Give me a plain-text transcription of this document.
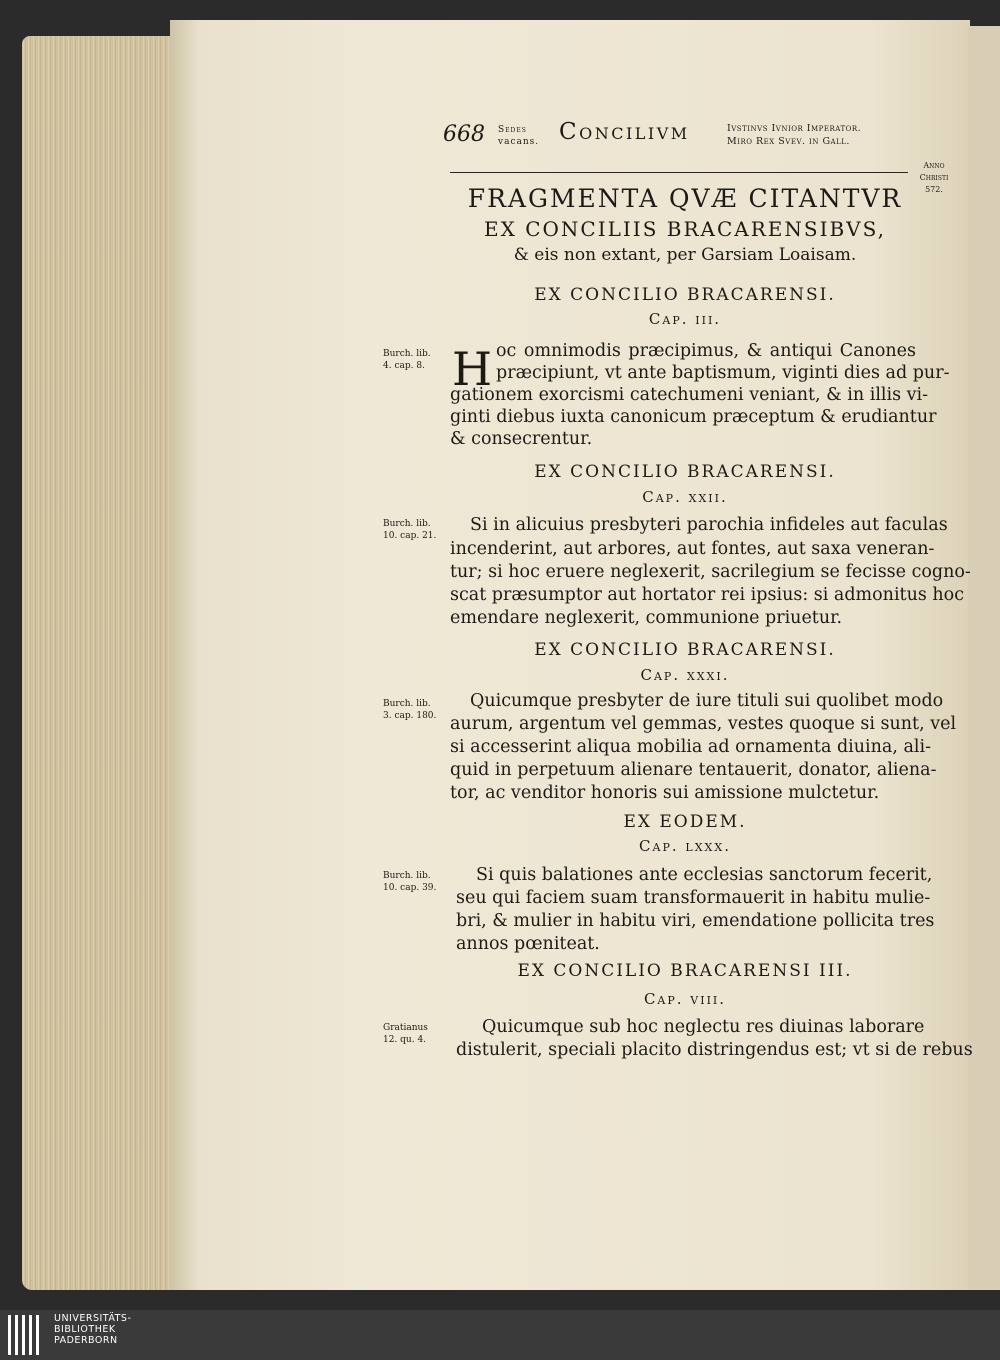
668 Sedes
vacans. Concilivm	Ivstinvs Ivnior Imperator.
Miro Rex Svev. in Gall.
Anno
Christi
572.
FRAGMENTA QVÆ CITANTVR
EX CONCILIIS BRACARENSIBVS,
& eis non extant, per Garsiam Loaisam.
EX CONCILIO BRACARENSI.
Cap. iii.
Burch. lib.
4. cap. 8. H oc omnimodis præcipimus, & antiqui Canones
præcipiunt, vt ante baptismum, viginti dies ad pur-
gationem exorcismi catechumeni veniant, & in illis vi-
ginti diebus iuxta canonicum præceptum & erudiantur
& consecrentur.
EX CONCILIO BRACARENSI.
Cap. xxii.
Burch. lib.
10. cap. 21.
Si in alicuius presbyteri parochia infideles aut faculas
incenderint, aut arbores, aut fontes, aut saxa veneran-
tur; si hoc eruere neglexerit, sacrilegium se fecisse cogno-
scat præsumptor aut hortator rei ipsius: si admonitus hoc
emendare neglexerit, communione priuetur.
EX CONCILIO BRACARENSI.
Cap. xxxi.
Burch. lib.
3. cap. 180.
Quicumque presbyter de iure tituli sui quolibet modo
aurum, argentum vel gemmas, vestes quoque si sunt, vel
si accesserint aliqua mobilia ad ornamenta diuina, ali-
quid in perpetuum alienare tentauerit, donator, aliena-
tor, ac venditor honoris sui amissione mulctetur.
EX EODEM.
Cap. lxxx.
Burch. lib.
10. cap. 39.
Si quis balationes ante ecclesias sanctorum fecerit,
seu qui faciem suam transformauerit in habitu mulie-
bri, & mulier in habitu viri, emendatione pollicita tres
annos pœniteat.
EX CONCILIO BRACARENSI III.
Cap. viii.
Gratianus
12. qu. 4.
Quicumque sub hoc neglectu res diuinas laborare
distulerit, speciali placito distringendus est; vt si de rebus
UNIVERSITÄTS-
BIBLIOTHEK
PADERBORN
